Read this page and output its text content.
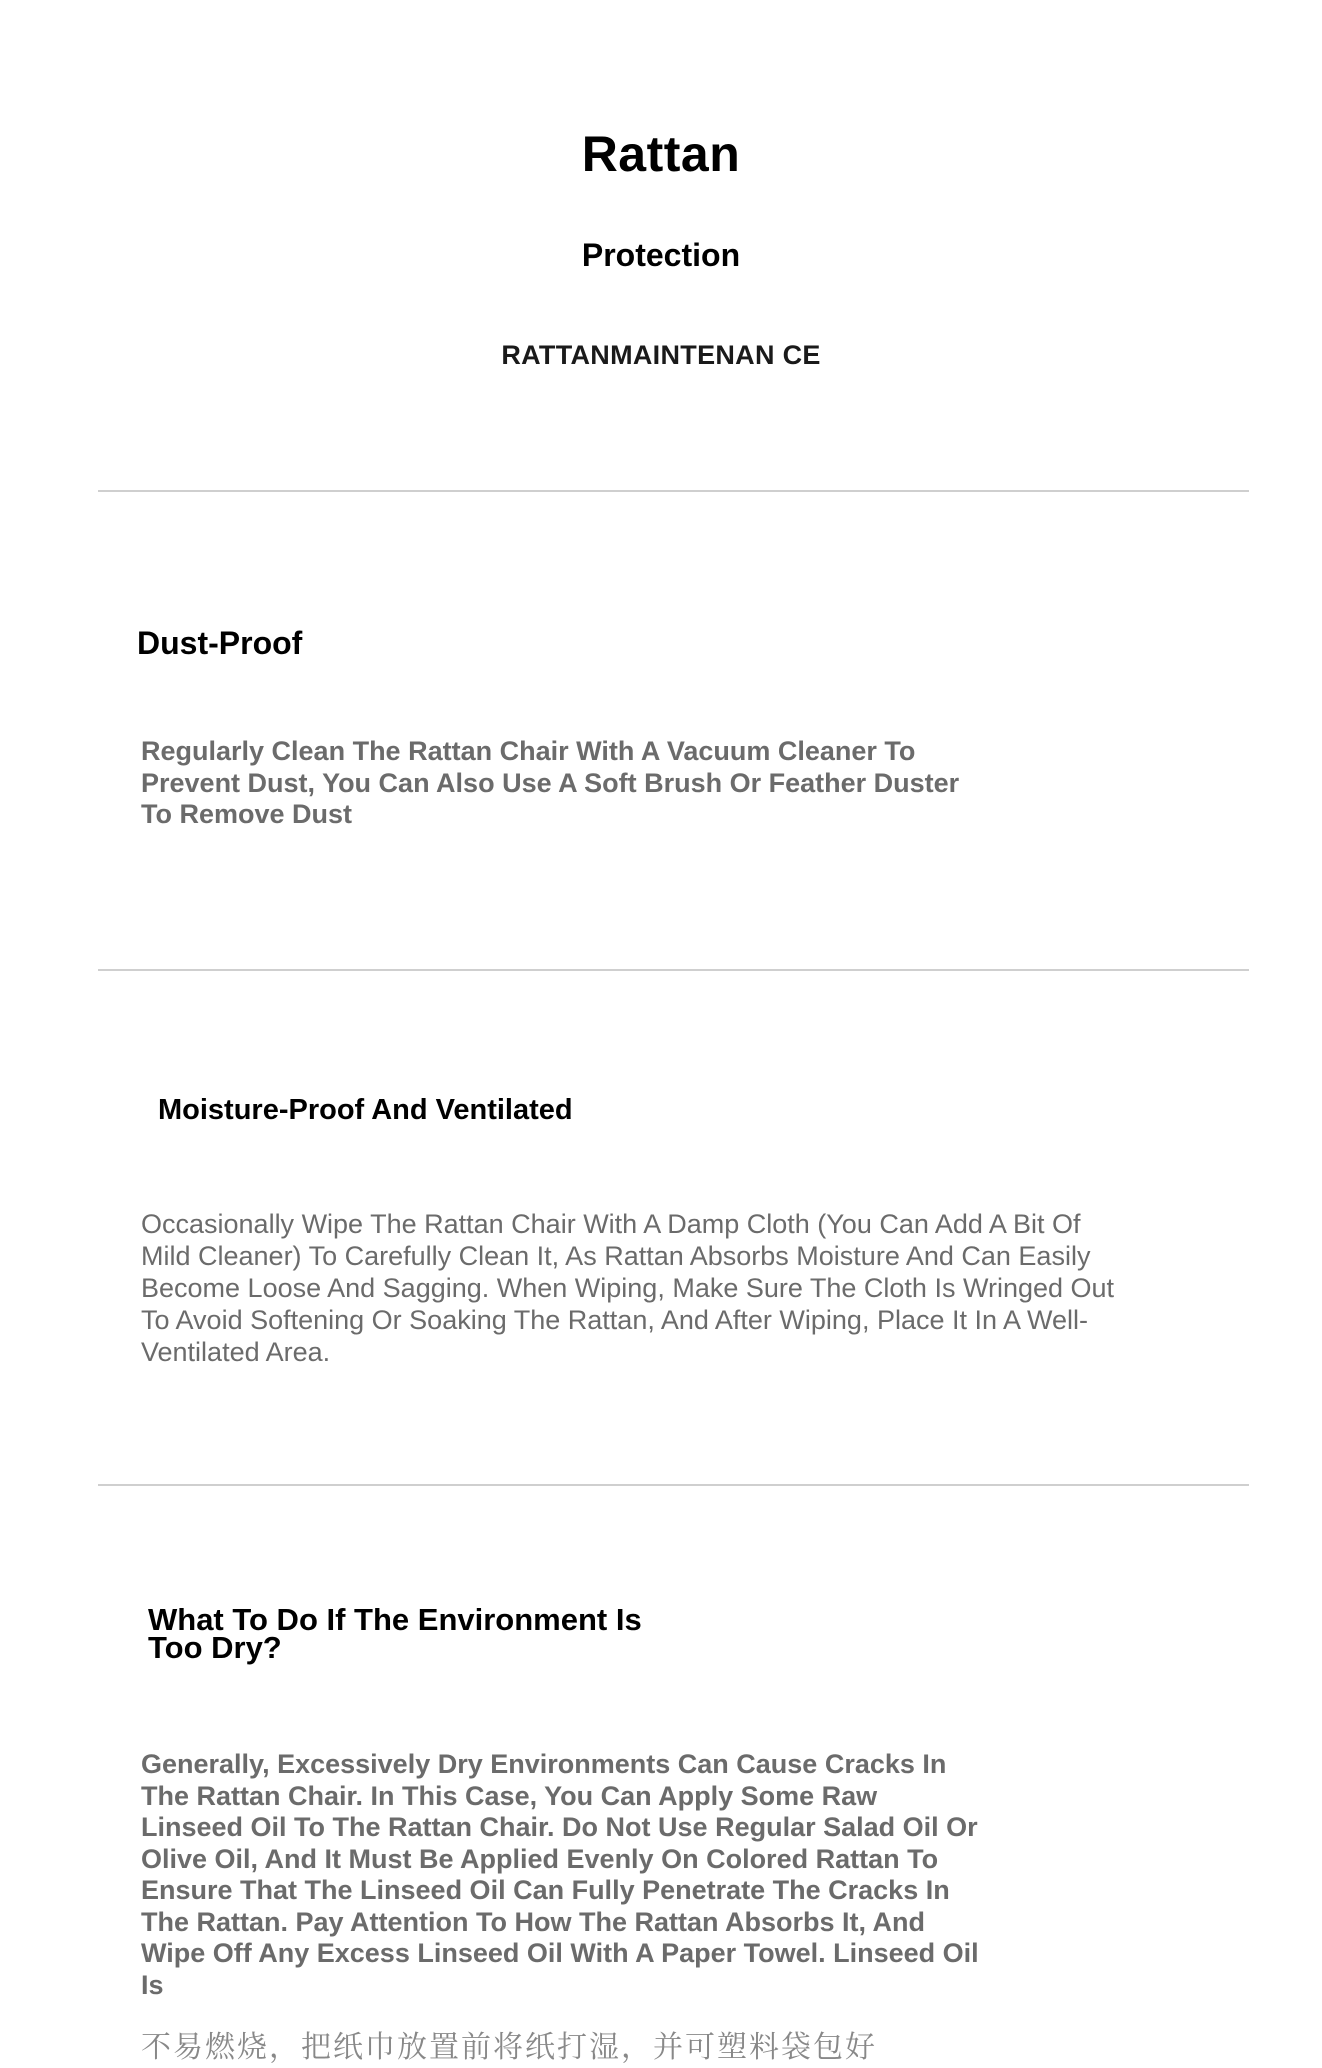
Rattan
Protection
RATTANMAINTENAN CE
Dust-Proof
Regularly Clean The Rattan Chair With A Vacuum Cleaner To Prevent Dust, You Can Also Use A Soft Brush Or Feather Duster To Remove Dust
Moisture-Proof And Ventilated
Occasionally Wipe The Rattan Chair With A Damp Cloth (You Can Add A Bit Of Mild Cleaner) To Carefully Clean It, As Rattan Absorbs Moisture And Can Easily Become Loose And Sagging. When Wiping, Make Sure The Cloth Is Wringed Out To Avoid Softening Or Soaking The Rattan, And After Wiping, Place It In A Well-Ventilated Area.
What To Do If The Environment Is Too Dry?
Generally, Excessively Dry Environments Can Cause Cracks In The Rattan Chair. In This Case, You Can Apply Some Raw Linseed Oil To The Rattan Chair. Do Not Use Regular Salad Oil Or Olive Oil, And It Must Be Applied Evenly On Colored Rattan To Ensure That The Linseed Oil Can Fully Penetrate The Cracks In The Rattan. Pay Attention To How The Rattan Absorbs It, And Wipe Off Any Excess Linseed Oil With A Paper Towel. Linseed Oil Is
不易燃烧，把纸巾放置前将纸打湿，并可塑料袋包好
